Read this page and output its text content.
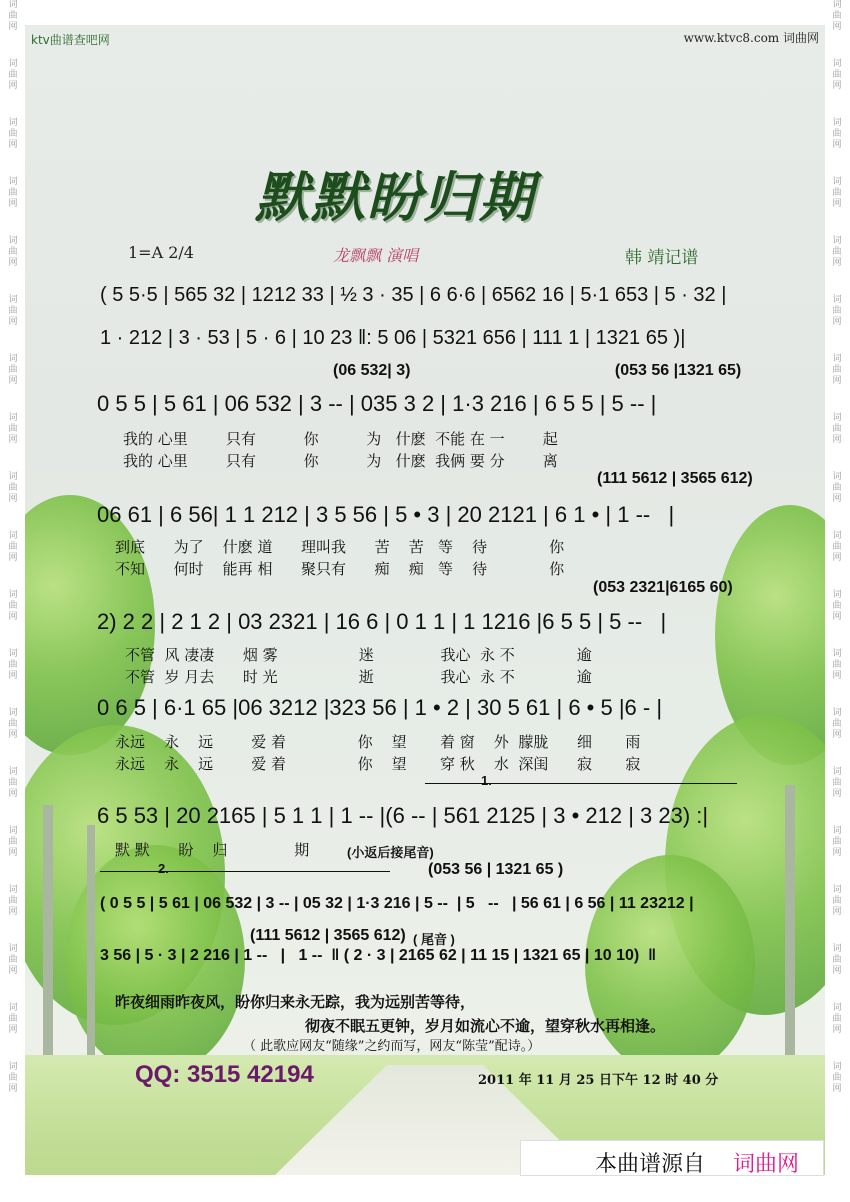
词
曲
网
词
曲
网
词
曲
网
词
曲
网
词
曲
网
词
曲
网
词
曲
网
词
曲
网
词
曲
网
词
曲
网
词
曲
网
词
曲
网
词
曲
网
词
曲
网
词
曲
网
词
曲
网
词
曲
网
词
曲
网
词
曲
网
词
曲
网
词
曲
网
词
曲
网
词
曲
网
词
曲
网
词
曲
网
词
曲
网
词
曲
网
词
曲
网
词
曲
网
词
曲
网
词
曲
网
词
曲
网
词
曲
网
词
曲
网
词
曲
网
词
曲
网
词
曲
网
词
曲
网
ktv曲谱查吧网	www.ktvc8.com 词曲网
默默盼归期
1=A 2/4	龙飘飘 演唱	韩 靖记谱
( 5 5·5 | 565 32 | 1212 33 | ½ 3 · 35 | 6 6·6 | 6562 16 | 5·1 653 | 5 · 32 |
1 · 212 | 3 · 53 | 5 · 6 | 10 23 ‖: 5 06 | 5321 656 | 111 1 | 1321 65 )|
(06 532| 3)                                              (053 56 |1321 65)
0 5 5 | 5 61 | 06 532 | 3 -- | 035 3 2 | 1·3 216 | 6 5 5 | 5 -- |
我的 心里        只有          你          为   什麽  不能 在 一        起
我的 心里        只有          你          为   什麽  我俩 要 分        离
(111 5612 | 3565 612)
06 61 | 6 56| 1 1 212 | 3 5 56 | 5 • 3 | 20 2121 | 6 1 • | 1 --   |
到底      为了    什麽 道      理叫我      苦    苦   等    待             你
不知      何时    能再 相      聚只有      痴    痴   等    待             你
(053 2321|6165 60)
2) 2 2 | 2 1 2 | 03 2321 | 16 6 | 0 1 1 | 1 1216 |6 5 5 | 5 --   |
不管  风 凄凄      烟 雾                 迷              我心  永 不             逾
不管  岁 月去      时 光                 逝              我心  永 不             逾
0 6 5 | 6·1 65 |06 3212 |323 56 | 1 • 2 | 30 5 61 | 6 • 5 |6 - |
永远    永    远        爱 着               你    望       着 窗    外  朦胧      细       雨
永远    永    远        爱 着               你    望       穿 秋    水  深闺      寂       寂
1.
6 5 53 | 20 2165 | 5 1 1 | 1 -- |(6 -- | 561 2125 | 3 • 212 | 3 23) :|
默 默      盼    归              期	(小返后接尾音)
2.	(053 56 | 1321 65 )
( 0 5 5 | 5 61 | 06 532 | 3 -- | 05 32 | 1·3 216 | 5 --  | 5   --   | 56 61 | 6 56 | 11 23212 |
(111 5612 | 3565 612) ( 尾音 )
3 56 | 5 · 3 | 2 216 | 1 --   |   1 --  ‖ ( 2 · 3 | 2165 62 | 11 15 | 1321 65 | 10 10)  ‖
昨夜细雨昨夜风，盼你归来永无踪，我为远别苦等待，
彻夜不眠五更钟，岁月如流心不逾，望穿秋水再相逢。
（ 此歌应网友“随缘”之约而写，网友“陈莹”配诗。）
QQ: 3515 42194	2011 年 11 月 25 日下午 12 时 40 分
本曲谱源自 词曲网
